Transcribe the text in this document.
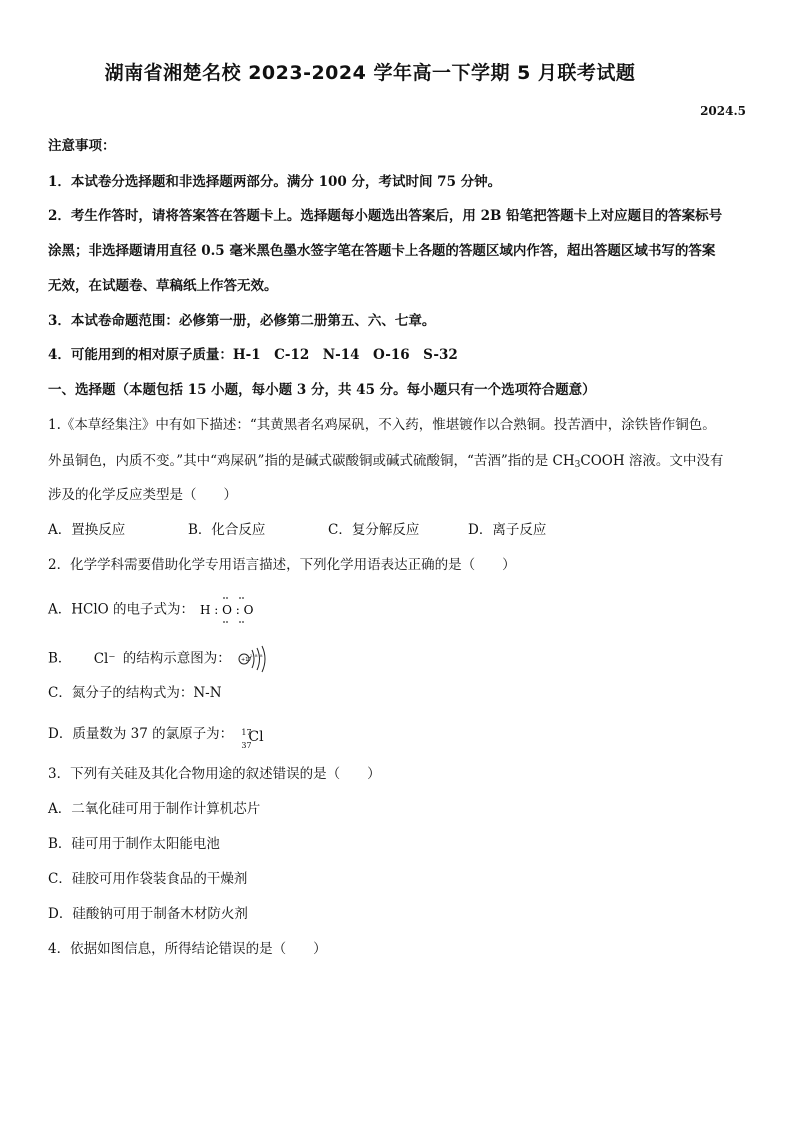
湖南省湘楚名校 2023-2024 学年高一下学期 5 月联考试题
2024.5
注意事项：
1．本试卷分选择题和非选择题两部分。满分 100 分，考试时间 75 分钟。
2．考生作答时，请将答案答在答题卡上。选择题每小题选出答案后，用 2B 铅笔把答题卡上对应题目的答案标号
涂黑；非选择题请用直径 0.5 毫米黑色墨水签字笔在答题卡上各题的答题区域内作答，超出答题区域书写的答案
无效，在试题卷、草稿纸上作答无效。
3．本试卷命题范围：必修第一册，必修第二册第五、六、七章。
4．可能用到的相对原子质量：H-1　C-12　N-14　O-16　S-32
一、选择题（本题包括 15 小题，每小题 3 分，共 45 分。每小题只有一个选项符合题意）
1.《本草经集注》中有如下描述：“其黄黑者名鸡屎矾，不入药，惟堪镀作以合熟铜。投苦酒中，涂铁皆作铜色。
外虽铜色，内质不变。”其中“鸡屎矾”指的是碱式碳酸铜或碱式硫酸铜，“苦酒”指的是 $CH_3COOH$ 溶液。文中没有
涉及的化学反应类型是（　　）
A．置换反应	B．化合反应	C．复分解反应	D．离子反应
2．化学学科需要借助化学专用语言描述，下列化学用语表达正确的是（　　）
A．HClO 的电子式为： H : O : O :
B． Cl⁻ 的结构示意图为： +17
2 8 8
C．氮分子的结构式为：N-N
D．质量数为 37 的氯原子为： 17
37
Cl
3．下列有关硅及其化合物用途的叙述错误的是（　　）
A．二氧化硅可用于制作计算机芯片
B．硅可用于制作太阳能电池
C．硅胶可用作袋装食品的干燥剂
D．硅酸钠可用于制备木材防火剂
4．依据如图信息，所得结论错误的是（　　）
